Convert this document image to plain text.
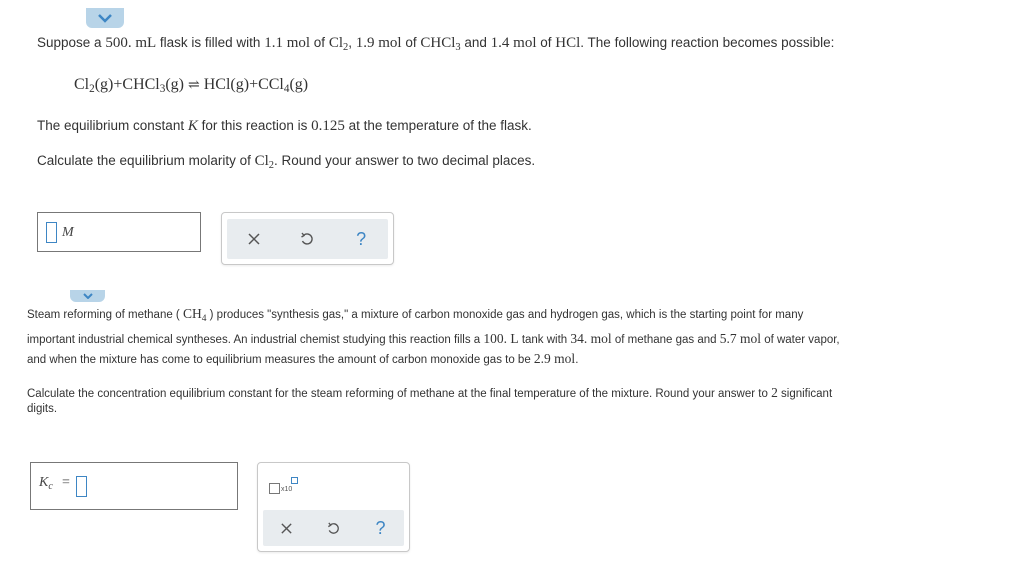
Suppose a 500. mL flask is filled with 1.1 mol of $Cl_2$, 1.9 mol of CHCl$_3$ and 1.4 mol of HCl. The following reaction becomes possible:
$Cl_2(g)+CHCl_3(g)$ ⇌ HCl(g)+CCl$_4$(g)
The equilibrium constant K for this reaction is 0.125 at the temperature of the flask.
Calculate the equilibrium molarity of $Cl_2$. Round your answer to two decimal places.
M	?
Steam reforming of methane ( $CH_4$ ) produces "synthesis gas," a mixture of carbon monoxide gas and hydrogen gas, which is the starting point for many
important industrial chemical syntheses. An industrial chemist studying this reaction fills a 100. L tank with 34. mol of methane gas and 5.7 mol of water vapor,
and when the mixture has come to equilibrium measures the amount of carbon monoxide gas to be 2.9 mol.
Calculate the concentration equilibrium constant for the steam reforming of methane at the final temperature of the mixture. Round your answer to 2 significant
digits.
$K_c$ =	x10
?
